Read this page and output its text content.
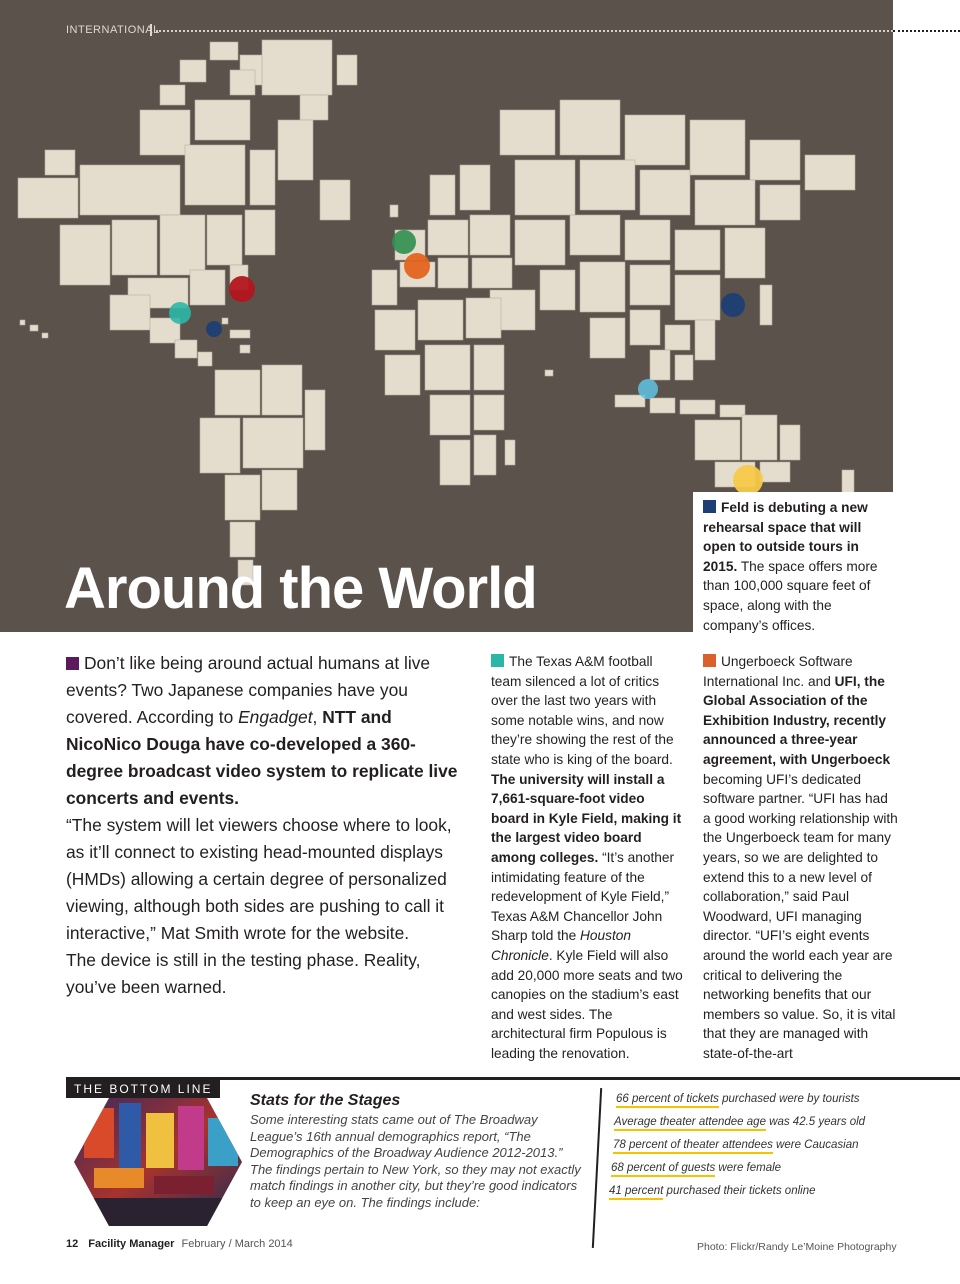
INTERNATIONAL
Around the World

Feld is debuting a new rehearsal space that will open to outside tours in 2015. The space offers more than 100,000 square feet of space, along with the company’s offices.

Don’t like being around actual humans at live events? Two Japanese companies have you covered. According to Engadget, NTT and NicoNico Douga have co-developed a 360-degree broadcast video system to replicate live concerts and events.

“The system will let viewers choose where to look, as it’ll connect to existing head-mounted displays (HMDs) allowing a certain degree of personalized viewing, although both sides are pushing to call it interactive,” Mat Smith wrote for the website.

The device is still in the testing phase. Reality, you’ve been warned.

The Texas A&M football team silenced a lot of critics over the last two years with some notable wins, and now they’re showing the rest of the state who is king of the board. The university will install a 7,661-square-foot video board in Kyle Field, making it the largest video board among colleges. “It’s another intimidating feature of the redevelopment of Kyle Field,” Texas A&M Chancellor John Sharp told the Houston Chronicle. Kyle Field will also add 20,000 more seats and two canopies on the stadium’s east and west sides. The architectural firm Populous is leading the renovation.

Ungerboeck Software International Inc. and UFI, the Global Association of the Exhibition Industry, recently announced a three-year agreement, with Ungerboeck becoming UFI’s dedicated software partner. “UFI has had a good working relationship with the Ungerboeck team for many years, so we are delighted to extend this to a new level of collaboration,” said Paul Woodward, UFI managing director. “UFI’s eight events around the world each year are critical to delivering the networking benefits that our members so value. So, it is vital that they are managed with state-of-the-art

THE BOTTOM LINE
Stats for the Stages
Some interesting stats came out of The Broadway League’s 16th annual demographics report, “The Demographics of the Broadway Audience 2012-2013.” The findings pertain to New York, so they may not exactly match findings in another city, but they’re good indicators to keep an eye on. The findings include:
66 percent of tickets purchased were by tourists
Average theater attendee age was 42.5 years old
78 percent of theater attendees were Caucasian
68 percent of guests were female
41 percent purchased their tickets online
12 Facility Manager February / March 2014	Photo: Flickr/Randy Le’Moine Photography
